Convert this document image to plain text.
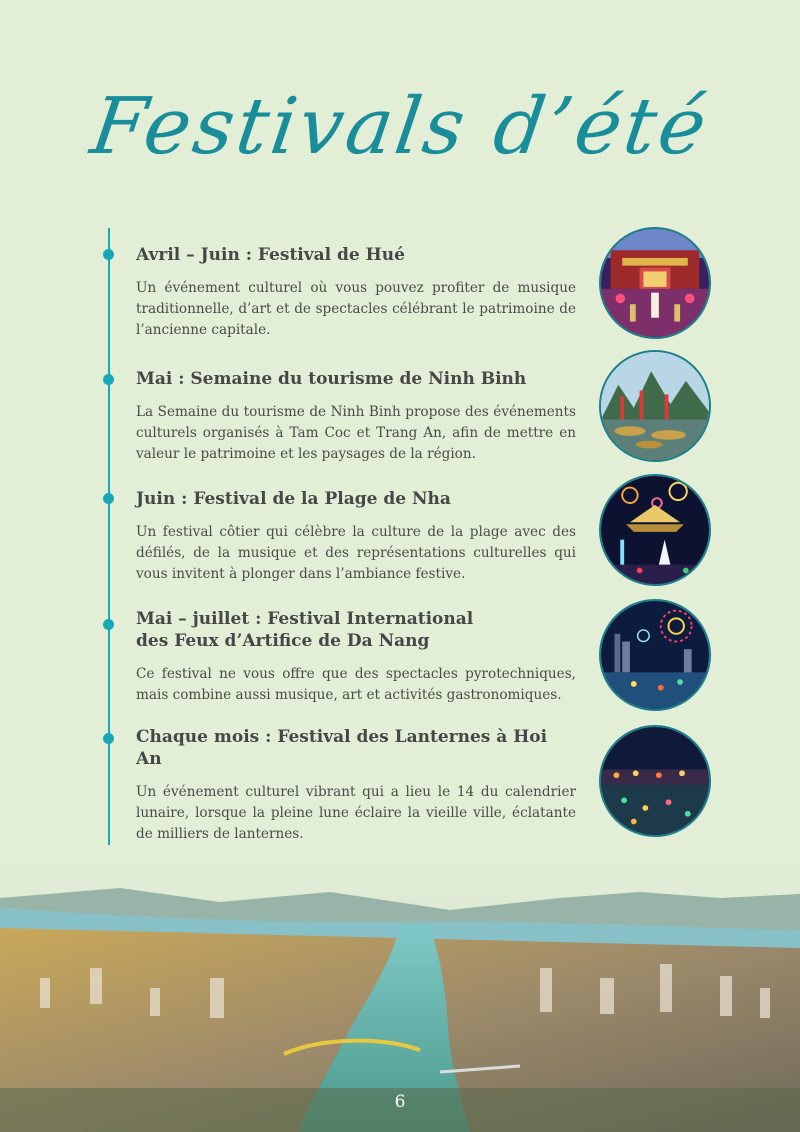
Festivals d’été
Avril – Juin : Festival de Hué

Un événement culturel où vous pouvez profiter de musique traditionnelle, d’art et de spectacles célébrant le patrimoine de l’ancienne capitale.

Mai : Semaine du tourisme de Ninh Binh

La Semaine du tourisme de Ninh Binh propose des événements culturels organisés à Tam Coc et Trang An, afin de mettre en valeur le patrimoine et les paysages de la région.

Juin : Festival de la Plage de Nha

Un festival côtier qui célèbre la culture de la plage avec des défilés, de la musique et des représentations culturelles qui vous invitent à plonger dans l’ambiance festive.

Mai – juillet : Festival International
des Feux d’Artifice de Da Nang

Ce festival ne vous offre que des spectacles pyrotechniques, mais combine aussi musique, art et activités gastronomiques.

Chaque mois : Festival des Lanternes à Hoi An

Un événement culturel vibrant qui a lieu le 14 du calendrier lunaire, lorsque la pleine lune éclaire la vieille ville, éclatante de milliers de lanternes.

6
